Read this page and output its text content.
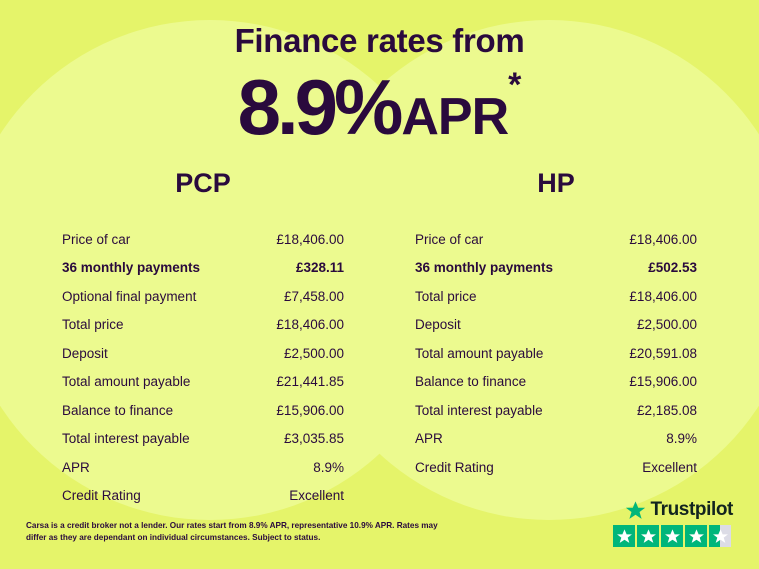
Finance rates from
8.9%APR*
PCP
Price of car	£18,406.00
36 monthly payments	£328.11
Optional final payment	£7,458.00
Total price	£18,406.00
Deposit	£2,500.00
Total amount payable	£21,441.85
Balance to finance	£15,906.00
Total interest payable	£3,035.85
APR	8.9%
Credit Rating	Excellent
HP
Price of car	£18,406.00
36 monthly payments	£502.53
Total price	£18,406.00
Deposit	£2,500.00
Total amount payable	£20,591.08
Balance to finance	£15,906.00
Total interest payable	£2,185.08
APR	8.9%
Credit Rating	Excellent
Carsa is a credit broker not a lender. Our rates start from 8.9% APR, representative 10.9% APR. Rates may differ as they are dependant on individual circumstances. Subject to status.
Trustpilot
